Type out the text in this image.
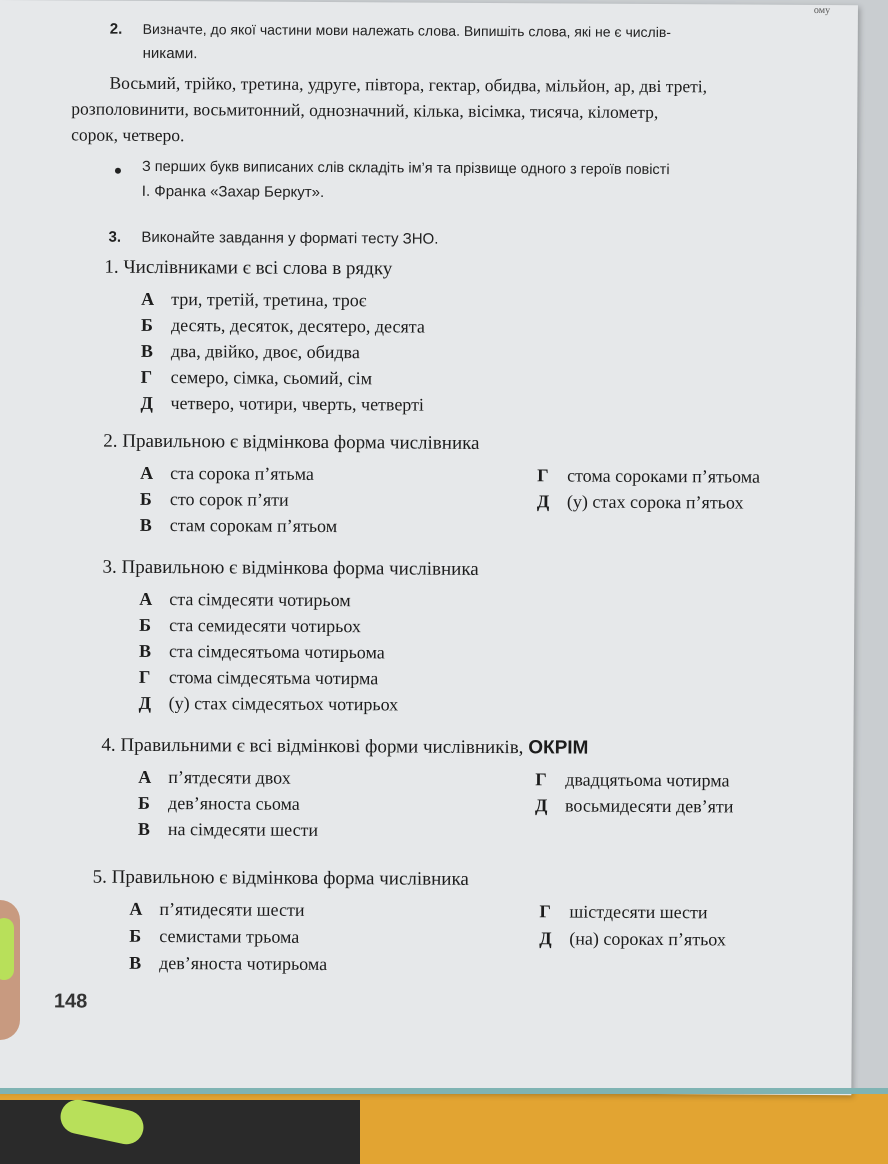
ому
2. Визначте, до якої частини мови належать слова. Випишіть слова, які не є числів-
никами.
Восьмий, трійко, третина, удруге, півтора, гектар, обидва, мільйон, ар, дві треті,
розполовинити, восьмитонний, однозначний, кілька, вісімка, тисяча, кілометр,
сорок, четверо.
З перших букв виписаних слів складіть ім’я та прізвище одного з героїв повісті
І. Франка «Захар Беркут».
3. Виконайте завдання у форматі тесту ЗНО.
1. Числівниками є всі слова в рядку
А три, третій, третина, троє
Б десять, десяток, десятеро, десята
В два, двійко, двоє, обидва
Г семеро, сімка, сьомий, сім
Д четверо, чотири, чверть, четверті
2. Правильною є відмінкова форма числівника
А ста сорока п’ятьма
Б сто сорок п’яти
В стам сорокам п’ятьом
Г стома сороками п’ятьома
Д (у) стах сорока п’ятьох
3. Правильною є відмінкова форма числівника
А ста сімдесяти чотирьом
Б ста семидесяти чотирьох
В ста сімдесятьома чотирьома
Г стома сімдесятьма чотирма
Д (у) стах сімдесятьох чотирьох
4. Правильними є всі відмінкові форми числівників, ОКРІМ
А п’ятдесяти двох
Б дев’яноста сьома
В на сімдесяти шести
Г двадцятьома чотирма
Д восьмидесяти дев’яти
5. Правильною є відмінкова форма числівника
А п’ятидесяти шести
Б семистами трьома
В дев’яноста чотирьома
Г шістдесяти шести
Д (на) сороках п’ятьох
148
